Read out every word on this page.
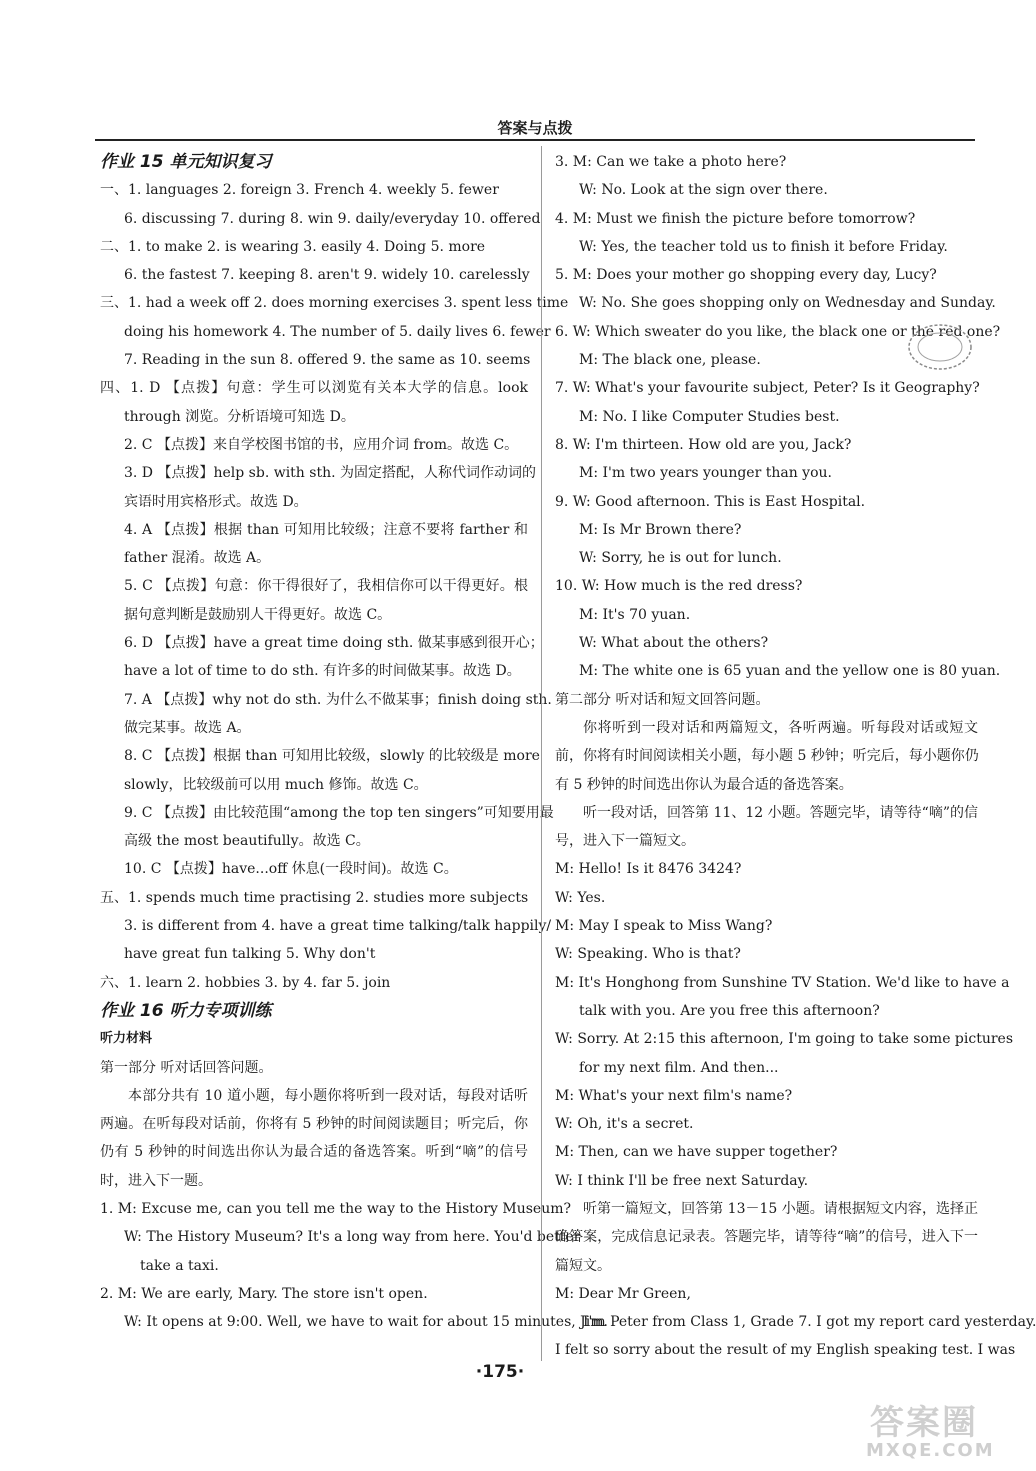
答案与点拨
作业 15 单元知识复习
一、1. languages 2. foreign 3. French 4. weekly 5. fewer
6. discussing 7. during 8. win 9. daily/everyday 10. offered
二、1. to make 2. is wearing 3. easily 4. Doing 5. more
6. the fastest 7. keeping 8. aren't 9. widely 10. carelessly
三、1. had a week off 2. does morning exercises 3. spent less time
doing his homework 4. The number of 5. daily lives 6. fewer
7. Reading in the sun 8. offered 9. the same as 10. seems
四、1. D 【点拨】句意：学生可以浏览有关本大学的信息。look
through 浏览。分析语境可知选 D。
2. C 【点拨】来自学校图书馆的书，应用介词 from。故选 C。
3. D 【点拨】help sb. with sth. 为固定搭配，人称代词作动词的
宾语时用宾格形式。故选 D。
4. A 【点拨】根据 than 可知用比较级；注意不要将 farther 和
father 混淆。故选 A。
5. C 【点拨】句意：你干得很好了，我相信你可以干得更好。根
据句意判断是鼓励别人干得更好。故选 C。
6. D 【点拨】have a great time doing sth. 做某事感到很开心；
have a lot of time to do sth. 有许多的时间做某事。故选 D。
7. A 【点拨】why not do sth. 为什么不做某事；finish doing sth.
做完某事。故选 A。
8. C 【点拨】根据 than 可知用比较级，slowly 的比较级是 more
slowly，比较级前可以用 much 修饰。故选 C。
9. C 【点拨】由比较范围“among the top ten singers”可知要用最
高级 the most beautifully。故选 C。
10. C 【点拨】have...off 休息(一段时间)。故选 C。
五、1. spends much time practising 2. studies more subjects
3. is different from 4. have a great time talking/talk happily/
have great fun talking 5. Why don't
六、1. learn 2. hobbies 3. by 4. far 5. join
作业 16 听力专项训练
听力材料
第一部分 听对话回答问题。
本部分共有 10 道小题，每小题你将听到一段对话，每段对话听
两遍。在听每段对话前，你将有 5 秒钟的时间阅读题目；听完后，你
仍有 5 秒钟的时间选出你认为最合适的备选答案。听到“嘀”的信号
时，进入下一题。
1. M: Excuse me, can you tell me the way to the History Museum?
W: The History Museum? It's a long way from here. You'd better
take a taxi.
2. M: We are early, Mary. The store isn't open.
W: It opens at 9:00. Well, we have to wait for about 15 minutes, Jim.
3. M: Can we take a photo here?
W: No. Look at the sign over there.
4. M: Must we finish the picture before tomorrow?
W: Yes, the teacher told us to finish it before Friday.
5. M: Does your mother go shopping every day, Lucy?
W: No. She goes shopping only on Wednesday and Sunday.
6. W: Which sweater do you like, the black one or the red one?
M: The black one, please.
7. W: What's your favourite subject, Peter? Is it Geography?
M: No. I like Computer Studies best.
8. W: I'm thirteen. How old are you, Jack?
M: I'm two years younger than you.
9. W: Good afternoon. This is East Hospital.
M: Is Mr Brown there?
W: Sorry, he is out for lunch.
10. W: How much is the red dress?
M: It's 70 yuan.
W: What about the others?
M: The white one is 65 yuan and the yellow one is 80 yuan.
第二部分 听对话和短文回答问题。
你将听到一段对话和两篇短文，各听两遍。听每段对话或短文
前，你将有时间阅读相关小题，每小题 5 秒钟；听完后，每小题你仍
有 5 秒钟的时间选出你认为最合适的备选答案。
听一段对话，回答第 11、12 小题。答题完毕，请等待“嘀”的信
号，进入下一篇短文。
M: Hello! Is it 8476 3424?
W: Yes.
M: May I speak to Miss Wang?
W: Speaking. Who is that?
M: It's Honghong from Sunshine TV Station. We'd like to have a
talk with you. Are you free this afternoon?
W: Sorry. At 2:15 this afternoon, I'm going to take some pictures
for my next film. And then...
M: What's your next film's name?
W: Oh, it's a secret.
M: Then, can we have supper together?
W: I think I'll be free next Saturday.
听第一篇短文，回答第 13－15 小题。请根据短文内容，选择正
确答案，完成信息记录表。答题完毕，请等待“嘀”的信号，进入下一
篇短文。
M: Dear Mr Green,
I'm Peter from Class 1, Grade 7. I got my report card yesterday.
I felt so sorry about the result of my English speaking test. I was
·175·
答案圈
MXQE.COM
